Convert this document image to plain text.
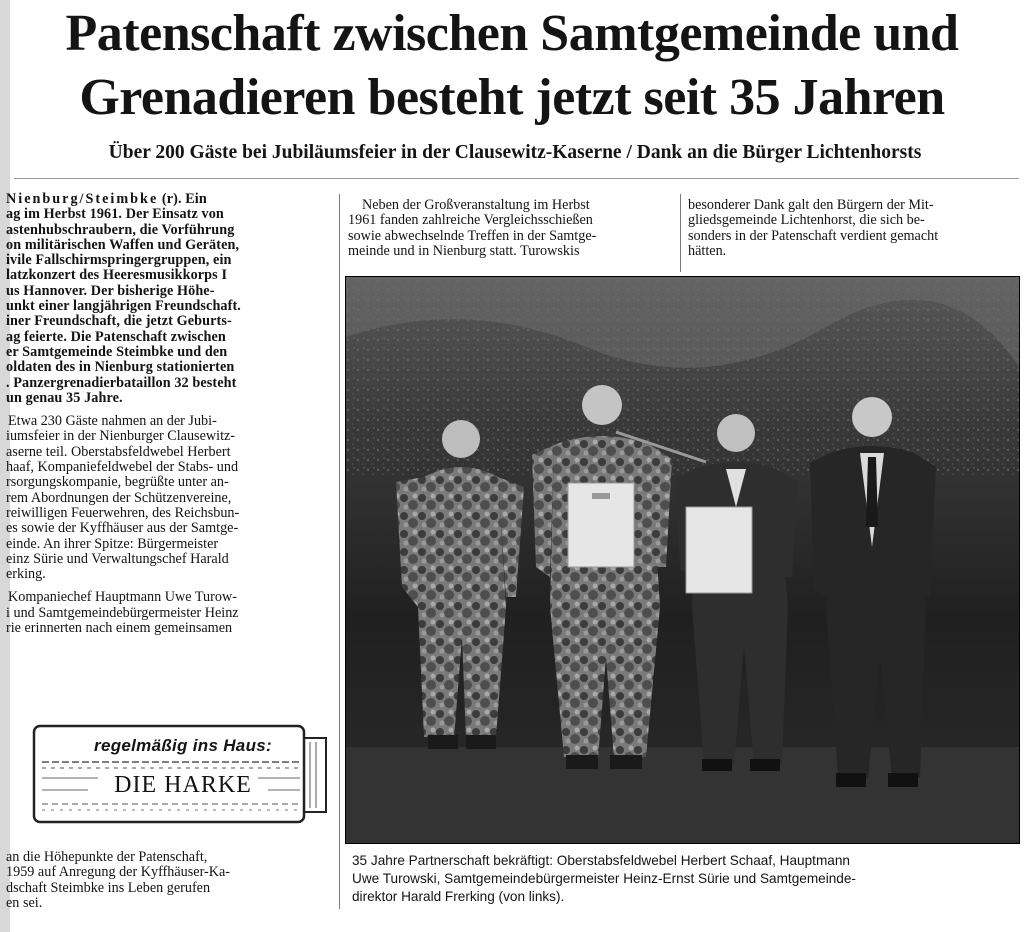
Patenschaft zwischen Samtgemeinde und
Grenadieren besteht jetzt seit 35 Jahren
Über 200 Gäste bei Jubiläumsfeier in der Clausewitz-Kaserne / Dank an die Bürger Lichtenhorsts

Nienburg/Steimbke (r). Ein

ag im Herbst 1961. Der Einsatz von

astenhubschraubern, die Vorführung

on militärischen Waffen und Geräten,

ivile Fallschirmspringergruppen, ein

latzkonzert des Heeresmusikkorps I

us Hannover. Der bisherige Höhe-

unkt einer langjährigen Freundschaft.

iner Freundschaft, die jetzt Geburts-

ag feierte. Die Patenschaft zwischen

er Samtgemeinde Steimbke und den

oldaten des in Nienburg stationierten

. Panzergrenadierbataillon 32 besteht

un genau 35 Jahre.

Etwa 230 Gäste nahmen an der Jubi-

iumsfeier in der Nienburger Clausewitz-

aserne teil. Oberstabsfeldwebel Herbert

haaf, Kompaniefeldwebel der Stabs- und

rsorgungskompanie, begrüßte unter an-

rem Abordnungen der Schützenvereine,

reiwilligen Feuerwehren, des Reichsbun-

es sowie der Kyffhäuser aus der Samtge-

einde. An ihrer Spitze: Bürgermeister

einz Sürie und Verwaltungschef Harald

erking.

Kompaniechef Hauptmann Uwe Turow-

i und Samtgemeindebürgermeister Heinz

rie erinnerten nach einem gemeinsamen

regelmäßig ins Haus:
DIE HARKE

an die Höhepunkte der Patenschaft,

1959 auf Anregung der Kyffhäuser-Ka-

dschaft Steimbke ins Leben gerufen

en sei.

Neben der Großveranstaltung im Herbst

1961 fanden zahlreiche Vergleichsschießen

sowie abwechselnde Treffen in der Samtge-

meinde und in Nienburg statt. Turowskis

besonderer Dank galt den Bürgern der Mit-

gliedsgemeinde Lichtenhorst, die sich be-

sonders in der Patenschaft verdient gemacht

hätten.

35 Jahre Partnerschaft bekräftigt: Oberstabsfeldwebel Herbert Schaaf, Hauptmann

Uwe Turowski, Samtgemeindebürgermeister Heinz-Ernst Sürie und Samtgemeinde-

direktor Harald Frerking (von links).
